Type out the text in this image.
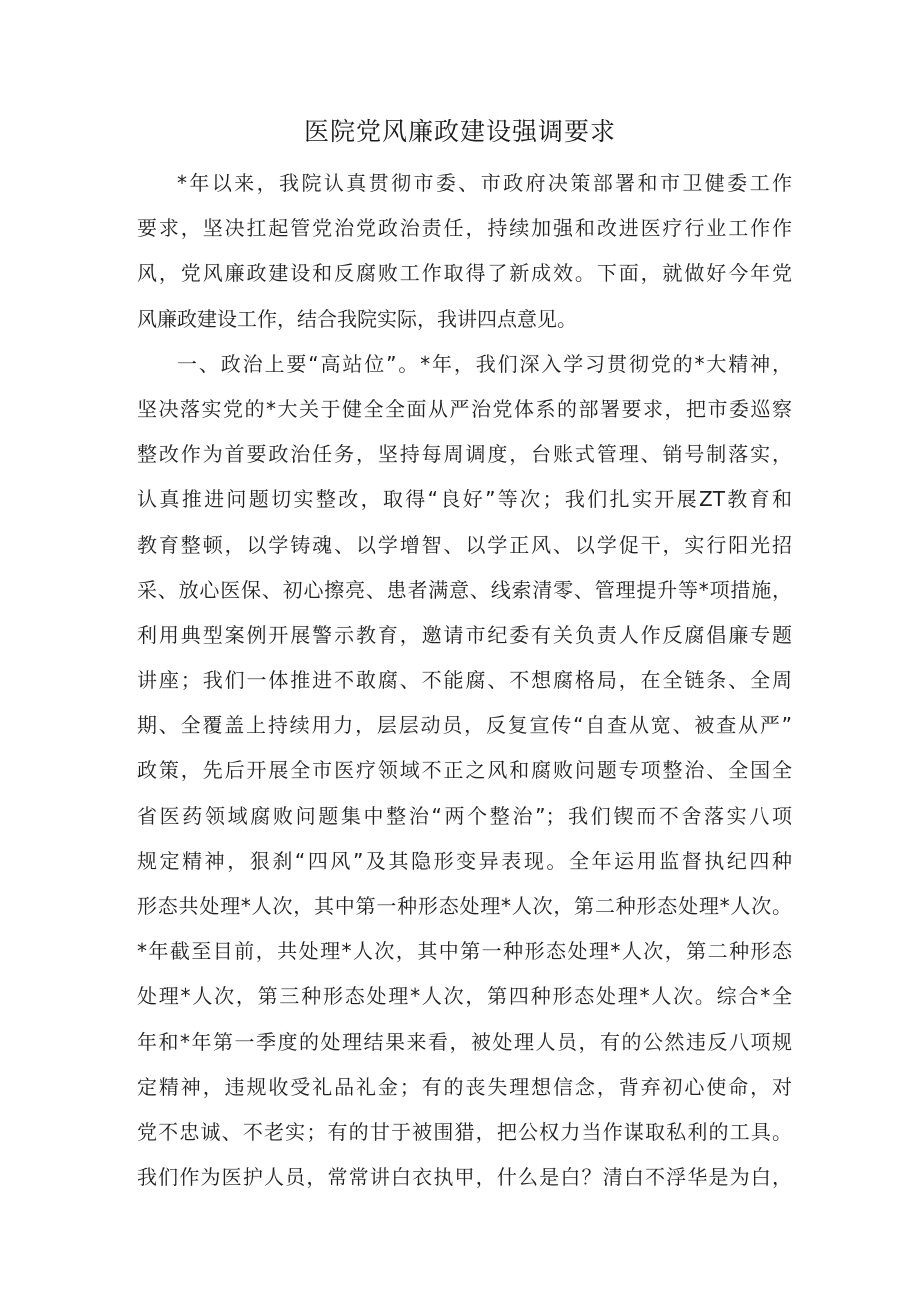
医院党风廉政建设强调要求
*年以来，我院认真贯彻市委、市政府决策部署和市卫健委工作
要求，坚决扛起管党治党政治责任，持续加强和改进医疗行业工作作
风，党风廉政建设和反腐败工作取得了新成效。下面，就做好今年党
风廉政建设工作，结合我院实际，我讲四点意见。
一、政治上要“高站位”。*年，我们深入学习贯彻党的*大精神，
坚决落实党的*大关于健全全面从严治党体系的部署要求，把市委巡察
整改作为首要政治任务，坚持每周调度，台账式管理、销号制落实，
认真推进问题切实整改，取得“良好”等次；我们扎实开展ZT教育和
教育整顿，以学铸魂、以学增智、以学正风、以学促干，实行阳光招
采、放心医保、初心擦亮、患者满意、线索清零、管理提升等*项措施，
利用典型案例开展警示教育，邀请市纪委有关负责人作反腐倡廉专题
讲座；我们一体推进不敢腐、不能腐、不想腐格局，在全链条、全周
期、全覆盖上持续用力，层层动员，反复宣传“自查从宽、被查从严”
政策，先后开展全市医疗领域不正之风和腐败问题专项整治、全国全
省医药领域腐败问题集中整治“两个整治”；我们锲而不舍落实八项
规定精神，狠刹“四风”及其隐形变异表现。全年运用监督执纪四种
形态共处理*人次，其中第一种形态处理*人次，第二种形态处理*人次。
*年截至目前，共处理*人次，其中第一种形态处理*人次，第二种形态
处理*人次，第三种形态处理*人次，第四种形态处理*人次。综合*全
年和*年第一季度的处理结果来看，被处理人员，有的公然违反八项规
定精神，违规收受礼品礼金；有的丧失理想信念，背弃初心使命，对
党不忠诚、不老实；有的甘于被围猎，把公权力当作谋取私利的工具。
我们作为医护人员，常常讲白衣执甲，什么是白？清白不浮华是为白，
